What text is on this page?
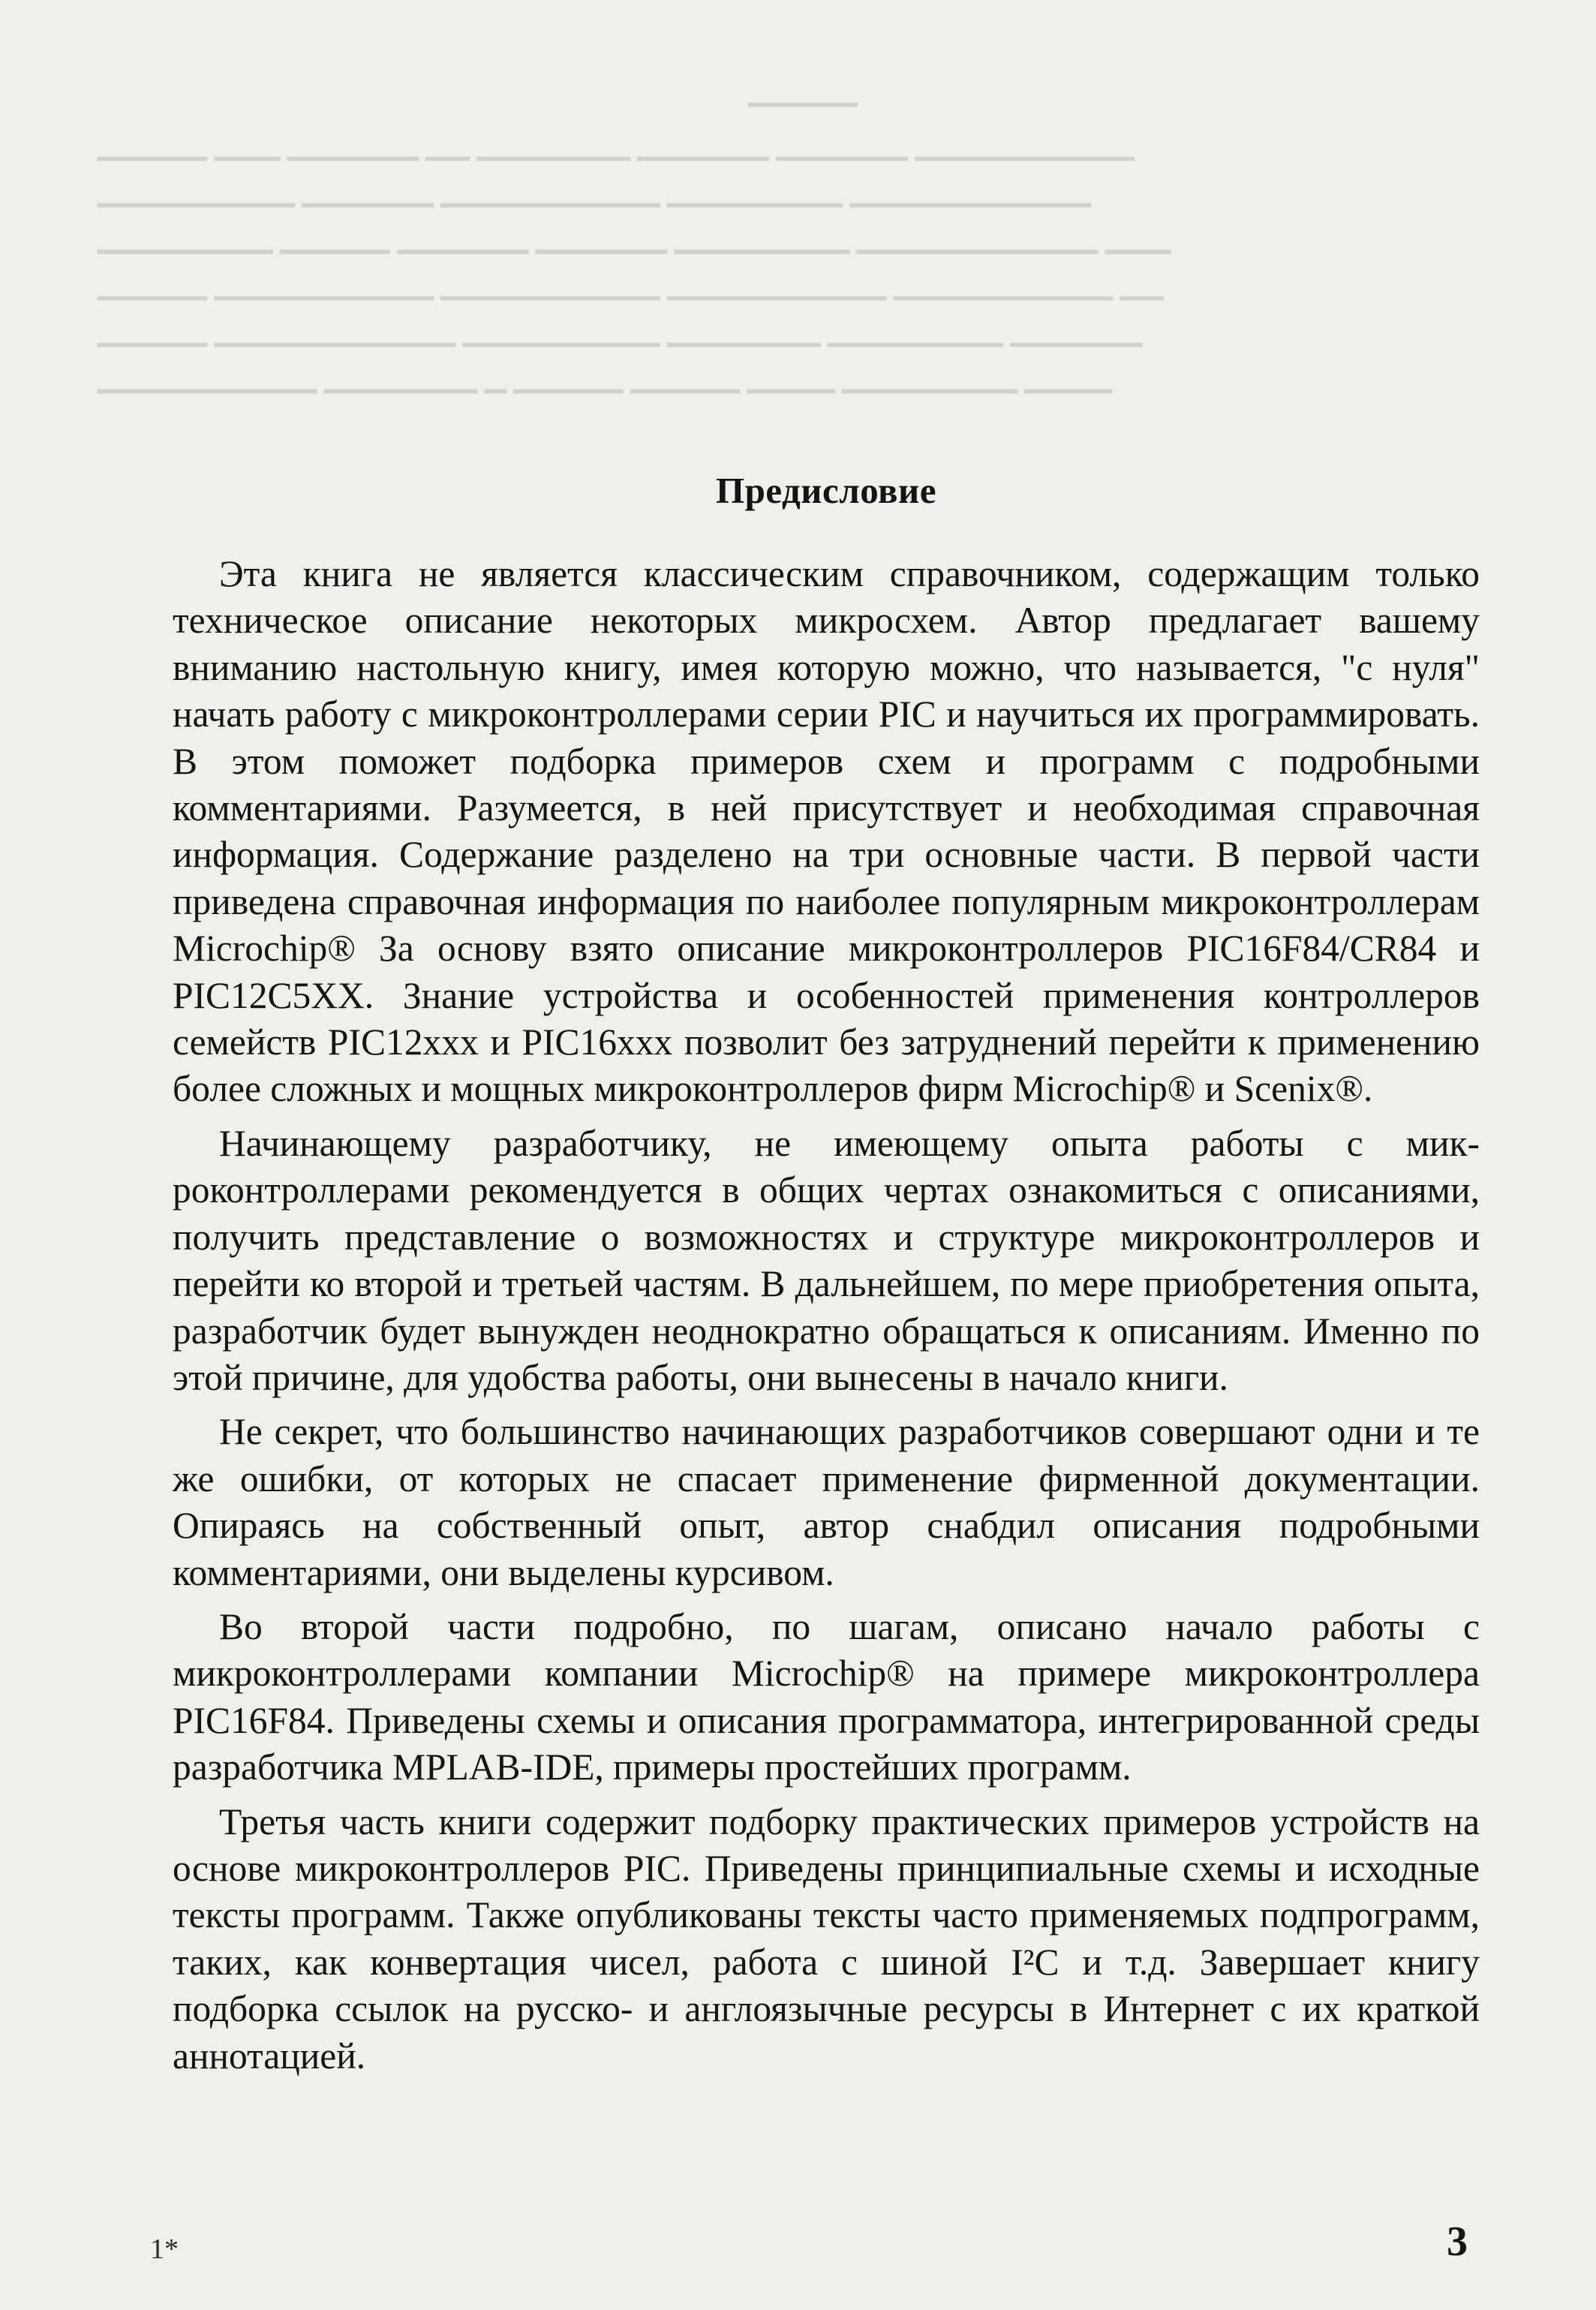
▁▁▁▁▁
▁▁▁▁▁ ▁▁▁ ▁▁▁▁▁▁ ▁▁ ▁▁▁▁▁▁▁ ▁▁▁▁▁▁ ▁▁▁▁▁▁ ▁▁▁▁▁▁▁▁▁▁
▁▁▁▁▁▁▁▁▁ ▁▁▁▁▁▁ ▁▁▁▁▁▁▁▁▁▁ ▁▁▁▁▁▁▁▁ ▁▁▁▁▁▁▁▁▁▁▁
▁▁▁▁▁▁▁▁ ▁▁▁▁▁ ▁▁▁▁▁▁ ▁▁▁▁▁▁ ▁▁▁▁▁▁▁▁ ▁▁▁▁▁▁▁▁▁▁▁ ▁▁▁
▁▁▁▁▁ ▁▁▁▁▁▁▁▁▁▁ ▁▁▁▁▁▁▁▁▁▁ ▁▁▁▁▁▁▁▁▁▁ ▁▁▁▁▁▁▁▁▁▁ ▁▁
▁▁▁▁▁ ▁▁▁▁▁▁▁▁▁▁▁ ▁▁▁▁▁▁▁▁▁ ▁▁▁▁▁▁▁ ▁▁▁▁▁▁▁▁ ▁▁▁▁▁▁
▁▁▁▁▁▁▁▁▁▁ ▁▁▁▁▁▁▁ ▁ ▁▁▁▁▁ ▁▁▁▁▁ ▁▁▁▁ ▁▁▁▁▁▁▁▁ ▁▁▁▁
Предисловие

Эта книга не является классическим справочником, содержащим только техническое описание некоторых микросхем. Автор предлагает вашему вниманию настольную книгу, имея которую можно, что называется, "с нуля" начать работу с микроконтроллерами серии PIC и научиться их программировать. В этом поможет подборка примеров схем и программ с подробными комментариями. Разумеется, в ней присутствует и необходимая справочная информация. Содержание разделено на три основные части. В первой части приведена справочная информация по наиболее популярным микроконтроллерам Microchip® За основу взято описание микроконтроллеров PIC16F84/CR84 и PIC12C5XX. Знание устройства и особенностей применения контроллеров семейств PIC12xxx и PIC16xxx позволит без затруднений перейти к применению более сложных и мощных микроконтроллеров фирм Microchip® и Scenix®.

Начинающему разработчику, не имеющему опыта работы с микроконтроллерами рекомендуется в общих чертах ознакомиться с описаниями, получить представление о возможностях и структуре микроконтроллеров и перейти ко второй и третьей частям. В дальнейшем, по мере приобретения опыта, разработчик будет вынужден неоднократно обращаться к описаниям. Именно по этой причине, для удобства работы, они вынесены в начало книги.

Не секрет, что большинство начинающих разработчиков совершают одни и те же ошибки, от которых не спасает применение фирменной документации. Опираясь на собственный опыт, автор снабдил описания подробными комментариями, они выделены курсивом.

Во второй части подробно, по шагам, описано начало работы с микроконтроллерами компании Microchip® на примере микроконтроллера PIC16F84. Приведены схемы и описания программатора, интегрированной среды разработчика MPLAB-IDE, примеры простейших программ.

Третья часть книги содержит подборку практических примеров устройств на основе микроконтроллеров PIC. Приведены принципиальные схемы и исходные тексты программ. Также опубликованы тексты часто применяемых подпрограмм, таких, как конвертация чисел, работа с шиной I²C и т.д. Завершает книгу подборка ссылок на русско- и англоязычные ресурсы в Интернет с их краткой аннотацией.

1*	3
